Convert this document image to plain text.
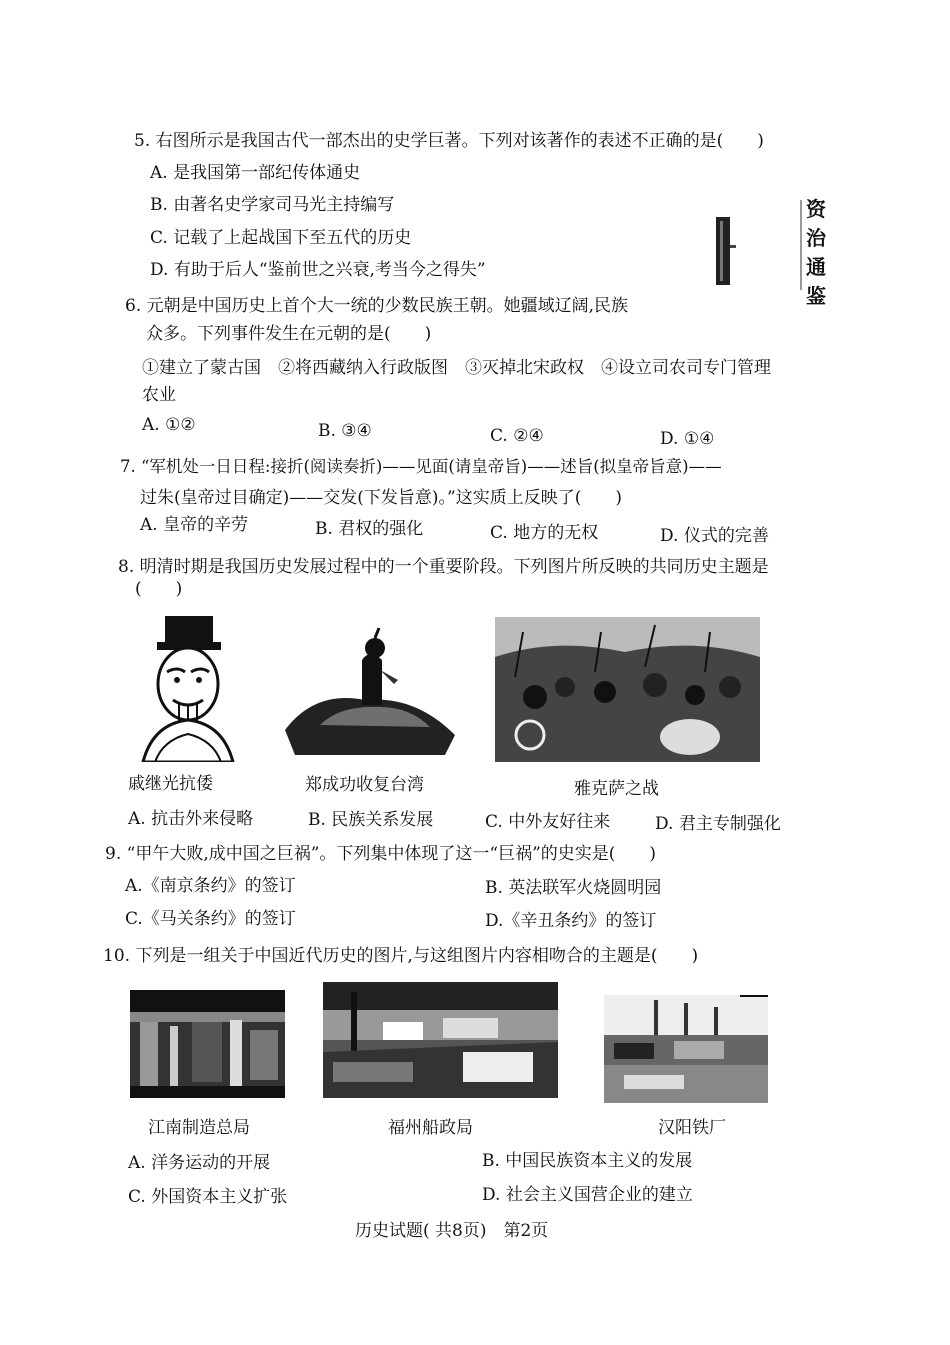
5. 右图所示是我国古代一部杰出的史学巨著。下列对该著作的表述不正确的是(　　)
A. 是我国第一部纪传体通史
B. 由著名史学家司马光主持编写
C. 记载了上起战国下至五代的历史
D. 有助于后人“鉴前世之兴衰,考当今之得失”
资治通鉴
6. 元朝是中国历史上首个大一统的少数民族王朝。她疆域辽阔,民族
众多。下列事件发生在元朝的是(　　)
①建立了蒙古国　②将西藏纳入行政版图　③灭掉北宋政权　④设立司农司专门管理
农业
A. ①②	B. ③④	C. ②④	D. ①④
7. “军机处一日日程:接折(阅读奏折)——见面(请皇帝旨)——述旨(拟皇帝旨意)——
过朱(皇帝过目确定)——交发(下发旨意)。”这实质上反映了(　　)
A. 皇帝的辛劳	B. 君权的强化	C. 地方的无权	D. 仪式的完善
8. 明清时期是我国历史发展过程中的一个重要阶段。下列图片所反映的共同历史主题是
(　　)
戚继光抗倭	郑成功收复台湾	雅克萨之战
A. 抗击外来侵略	B. 民族关系发展	C. 中外友好往来	D. 君主专制强化
9. “甲午大败,成中国之巨祸”。下列集中体现了这一“巨祸”的史实是(　　)
A.《南京条约》的签订	B. 英法联军火烧圆明园
C.《马关条约》的签订	D.《辛丑条约》的签订
10. 下列是一组关于中国近代历史的图片,与这组图片内容相吻合的主题是(　　)
江南制造总局	福州船政局	汉阳铁厂
A. 洋务运动的开展	B. 中国民族资本主义的发展
C. 外国资本主义扩张	D. 社会主义国营企业的建立
历史试题( 共8页)　第2页
